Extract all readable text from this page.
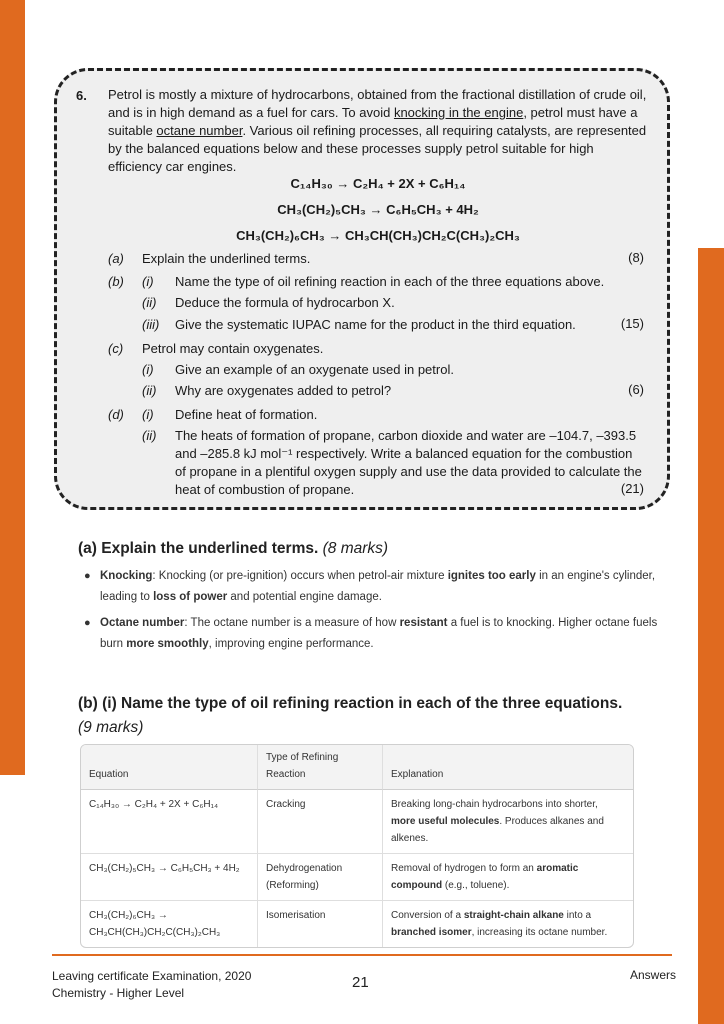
6. Petrol is mostly a mixture of hydrocarbons, obtained from the fractional distillation of crude oil, and is in high demand as a fuel for cars. To avoid knocking in the engine, petrol must have a suitable octane number. Various oil refining processes, all requiring catalysts, are represented by the balanced equations below and these processes supply petrol suitable for high efficiency car engines.
C₁₄H₃₀ → C₂H₄ + 2X + C₆H₁₄
CH₃(CH₂)₅CH₃ → C₆H₅CH₃ + 4H₂
CH₃(CH₂)₆CH₃ → CH₃CH(CH₃)CH₂C(CH₃)₂CH₃
(a) Explain the underlined terms.	(8)
(b) (i) Name the type of oil refining reaction in each of the three equations above.
(ii) Deduce the formula of hydrocarbon X.
(iii) Give the systematic IUPAC name for the product in the third equation.	(15)
(c) Petrol may contain oxygenates.
(i) Give an example of an oxygenate used in petrol.
(ii) Why are oxygenates added to petrol?	(6)
(d) (i) Define heat of formation.
(ii) The heats of formation of propane, carbon dioxide and water are –104.7, –393.5 and –285.8 kJ mol⁻¹ respectively. Write a balanced equation for the combustion of propane in a plentiful oxygen supply and use the data provided to calculate the heat of combustion of propane.	(21)
(a) Explain the underlined terms. (8 marks)
● Knocking: Knocking (or pre-ignition) occurs when petrol-air mixture ignites too early in an engine's cylinder, leading to loss of power and potential engine damage.
● Octane number: The octane number is a measure of how resistant a fuel is to knocking. Higher octane fuels burn more smoothly, improving engine performance.
(b) (i) Name the type of oil refining reaction in each of the three equations. (9 marks)
Equation	Type of Refining Reaction	Explanation
C₁₄H₃₀ → C₂H₄ + 2X + C₆H₁₄	Cracking	Breaking long-chain hydrocarbons into shorter, more useful molecules. Produces alkanes and alkenes.
CH₃(CH₂)₅CH₃ → C₆H₅CH₃ + 4H₂	Dehydrogenation (Reforming)	Removal of hydrogen to form an aromatic compound (e.g., toluene).
CH₃(CH₂)₆CH₃ → CH₃CH(CH₃)CH₂C(CH₃)₂CH₃	Isomerisation	Conversion of a straight-chain alkane into a branched isomer, increasing its octane number.
Leaving certificate Examination, 2020
Chemistry - Higher Level
21	Answers
